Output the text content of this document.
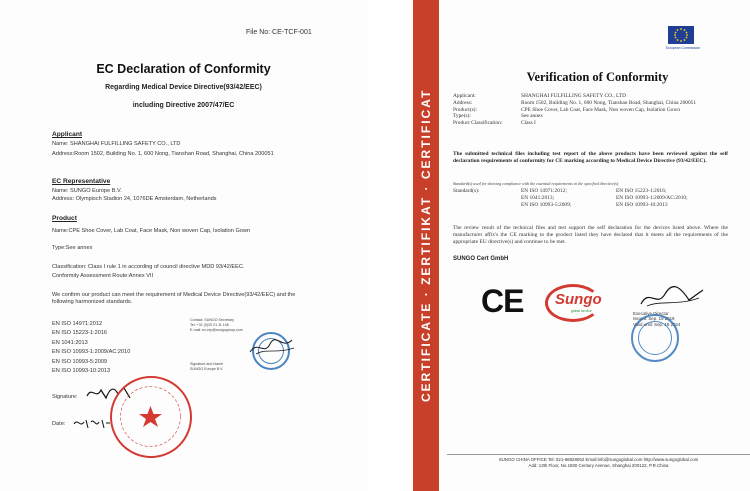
File No: CE-TCF-001
EC Declaration of Conformity
Regarding Medical Device Directive(93/42/EEC)
including Directive 2007/47/EC
Applicant
Name: SHANGHAI FULFILLING SAFETY CO., LTD
Address:Room 1502, Building No. 1, 600 Nong, Tianshan Road, Shanghai, China 200051
EC Representative
Name: SUNGO Europe B.V.
Address: Olympisch Stadion 24, 1076DE Amsterdam, Netherlands
Product
Name:CPE Shoe Cover, Lab Coat, Face Mask, Non woven Cap, Isolation Gown
Type:See annex
Classification: Class I rule 1 in according of council directive MDD 93/42/EEC.
Conformity Assessment Route:Annex VII
We confirm our product can meet the requirement of Medical Device Directive(93/42/EEC) and the following harmonized standards.
EN ISO 14971:2012
EN ISO 15223-1:2016
EN 1041:2013
EN ISO 10993-1:2009/AC:2010
EN ISO 10993-5:2009
EN ISO 10993-10:2013
Contact: SUNGO Secretary
Tel: +31 (0)20 21 11 106
E-mail: ec-rep@sungogroup.com
Signature and Name
SUNGO Europe B.V.
Signature:
Date:
CERTIFICATE · ZERTIFIKAT · CERTIFICAT
European Commission
Verification of Conformity
Applicant:	SHANGHAI FULFILLING SAFETY CO., LTD
Address:	Room 1502, Building No. 1, 600 Nong, Tianshan Road, Shanghai, China 200051
Product(s):	CPE Shoe Cover, Lab Coat, Face Mask, Non woven Cap, Isolation Gown
Type(s):	See annex
Product Classification:	Class I
The submitted technical files including test report of the above products have been reviewed against the self declaration requirements of conformity for CE marking according to Medical Device Directive (93/42/EEC).
Standard(s) used for showing compliance with the essential requirements in the specified directive(s):
Standard(s):	EN ISO 14971:2012;	EN ISO 15223-1:2016;
EN 1041:2013;	EN ISO 10993-1:2009/AC:2010;
EN ISO 10993-5:2009;	EN ISO 10993-10:2013
The review result of the technical files and test support the self declaration for the devices listed above. Where the manufacturer affix's the CE marking to the product listed they have declared that it meets all the requirements of the appropriate EU directive(s) and continue to be met.
SUNGO Cert GmbH
CE Sungo
global service	Executive Director
Issued: Sep. 19 2019
Valid until: Sep. 18 2024
SUNGO CHINA OFFICE Tel: 021-68828052 Email:info@sungoglobal.com http://www.sungoglobal.com
Add: 13th Floor, No.1500 Century Avenue, Shanghai 200122, P.R.China
